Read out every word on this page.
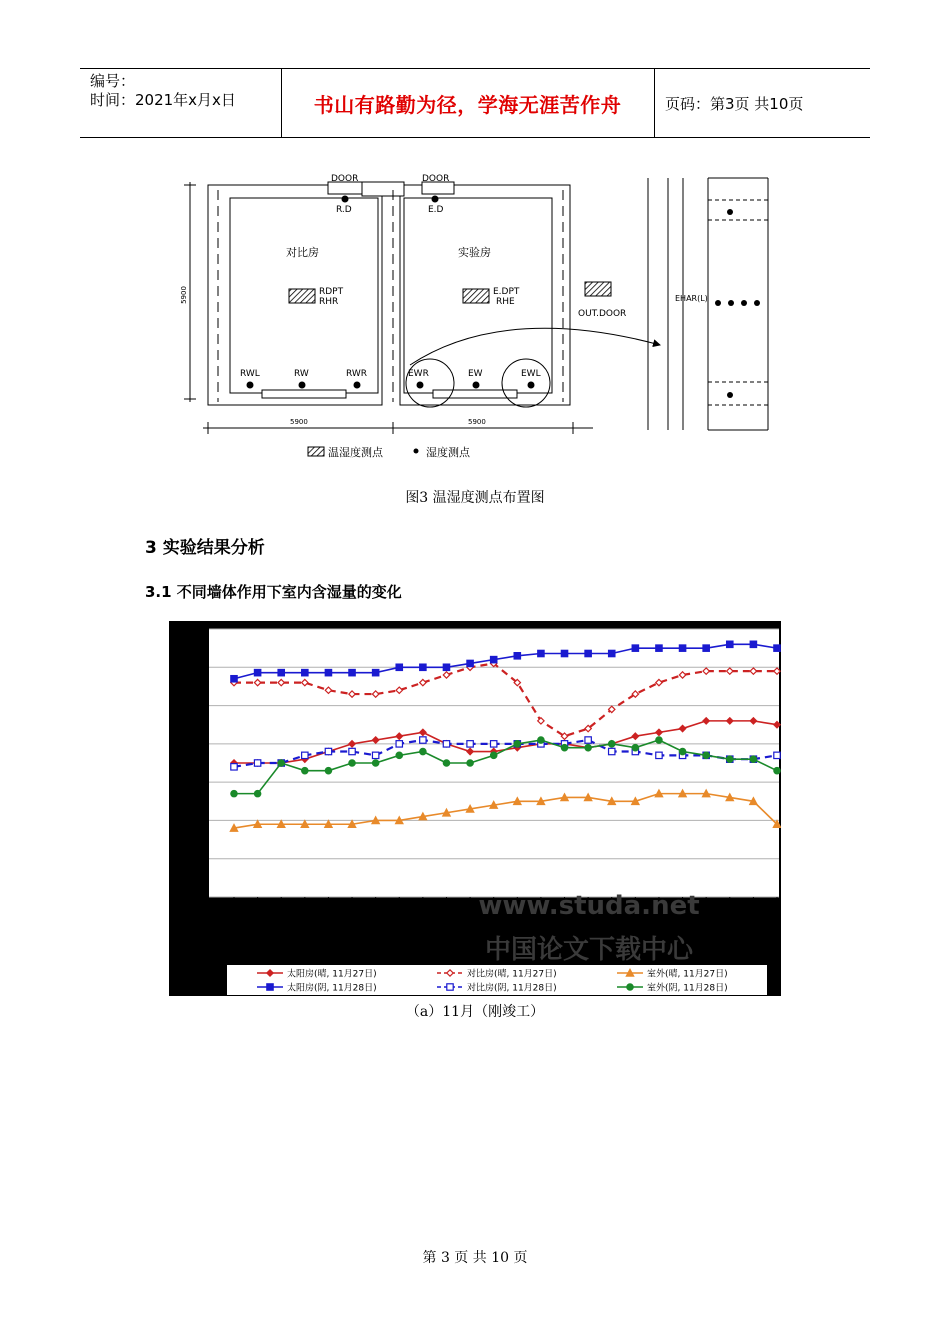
编号：
时间：2021年x月x日	书山有路勤为径，学海无涯苦作舟	页码：第3页 共10页
DOOR	DOOR
R.D	E.D
对比房	实验房
RDPT
RHR
E.DPT
RHE
OUT.DOOR
RWL	RW	RWR	EWR	EW	EWL
5900	5900
5900	EHAR(L)
温湿度测点	湿度测点
图3 温湿度测点布置图
3 实验结果分析
3.1 不同墙体作用下室内含湿量的变化
www.studa.net
中国论文下载中心
太阳房(晴, 11月27日)	对比房(晴, 11月27日)	室外(晴, 11月27日)
太阳房(阴, 11月28日)	对比房(阴, 11月28日)	室外(阴, 11月28日)
（a）11月（刚竣工）
第 3 页 共 10 页
